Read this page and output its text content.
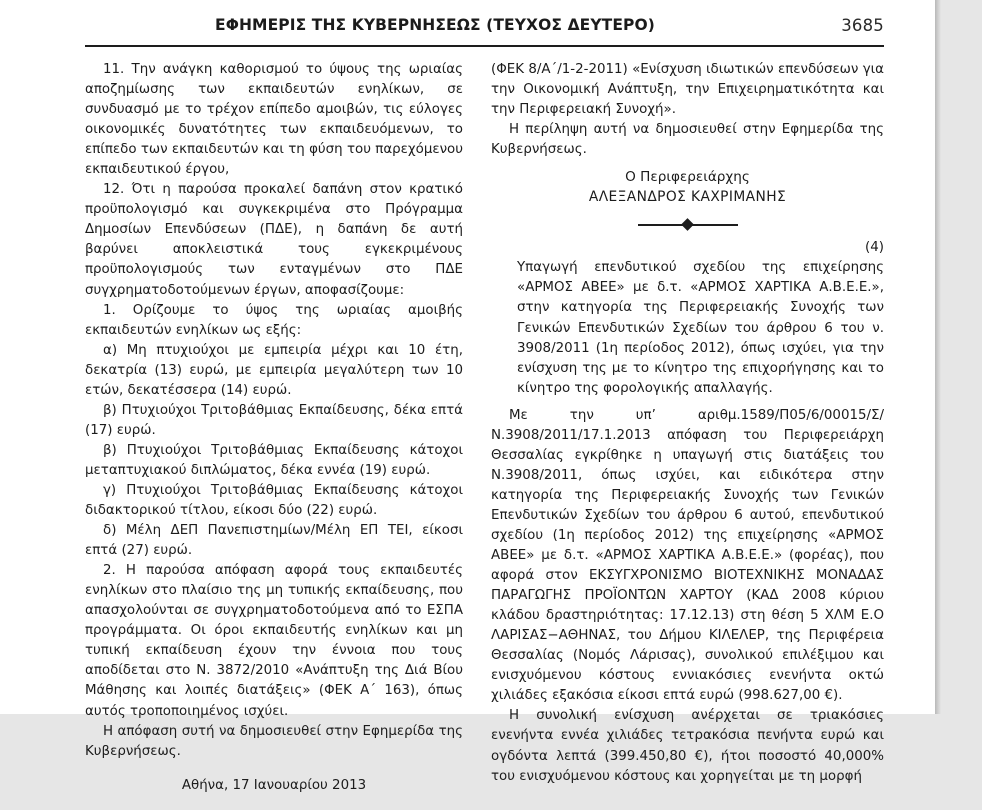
ΕΦΗΜΕΡΙΣ ΤΗΣ ΚΥΒΕΡΝΗΣΕΩΣ (ΤΕΥΧΟΣ ΔΕΥΤΕΡΟ)	3685

11. Την ανάγκη καθορισμού το ύψους της ωριαίας αποζημίωσης των εκπαιδευτών ενηλίκων, σε συνδυασμό με το τρέχον επίπεδο αμοιβών, τις εύλογες οικονομικές δυνατότητες των εκπαιδευόμενων, το επίπεδο των εκπαιδευτών και τη φύση του παρεχόμενου εκπαιδευτικού έργου,

12. Ότι η παρούσα προκαλεί δαπάνη στον κρατικό προϋπολογισμό και συγκεκριμένα στο Πρόγραμμα Δημοσίων Επενδύσεων (ΠΔΕ), η δαπάνη δε αυτή βαρύνει αποκλειστικά τους εγκεκριμένους προϋπολογισμούς των ενταγμένων στο ΠΔΕ συγχρηματοδοτούμενων έργων, αποφασίζουμε:

1. Ορίζουμε το ύψος της ωριαίας αμοιβής εκπαιδευτών ενηλίκων ως εξής:

α) Μη πτυχιούχοι με εμπειρία μέχρι και 10 έτη, δεκατρία (13) ευρώ, με εμπειρία μεγαλύτερη των 10 ετών, δεκατέσσερα (14) ευρώ.

β) Πτυχιούχοι Τριτοβάθμιας Εκπαίδευσης, δέκα επτά (17) ευρώ.

β) Πτυχιούχοι Τριτοβάθμιας Εκπαίδευσης κάτοχοι μεταπτυχιακού διπλώματος, δέκα εννέα (19) ευρώ.

γ) Πτυχιούχοι Τριτοβάθμιας Εκπαίδευσης κάτοχοι διδακτορικού τίτλου, είκοσι δύο (22) ευρώ.

δ) Μέλη ΔΕΠ Πανεπιστημίων/Μέλη ΕΠ ΤΕΙ, είκοσι επτά (27) ευρώ.

2. Η παρούσα απόφαση αφορά τους εκπαιδευτές ενηλίκων στο πλαίσιο της μη τυπικής εκπαίδευσης, που απασχολούνται σε συγχρηματοδοτούμενα από το ΕΣΠΑ προγράμματα. Οι όροι εκπαιδευτής ενηλίκων και μη τυπική εκπαίδευση έχουν την έννοια που τους αποδίδεται στο Ν. 3872/2010 «Ανάπτυξη της Διά Βίου Μάθησης και λοιπές διατάξεις» (ΦΕΚ Α΄ 163), όπως αυτός τροποποιημένος ισχύει.

Η απόφαση συτή να δημοσιευθεί στην Εφημερίδα της Κυβερνήσεως.

Αθήνα, 17 Ιανουαρίου 2013

(ΦΕΚ 8/Α΄/1-2-2011) «Ενίσχυση ιδιωτικών επενδύσεων για την Οικονομική Ανάπτυξη, την Επιχειρηματικότητα και την Περιφερειακή Συνοχή».

Η περίληψη αυτή να δημοσιευθεί στην Εφημερίδα της Κυβερνήσεως.

Ο Περιφερειάρχης

ΑΛΕΞΑΝΔΡΟΣ ΚΑΧΡΙΜΑΝΗΣ

(4)

Υπαγωγή επενδυτικού σχεδίου της επιχείρησης «ΑΡΜΟΣ ΑΒΕΕ» με δ.τ. «ΑΡΜΟΣ ΧΑΡΤΙΚΑ Α.Β.Ε.Ε.», στην κατηγορία της Περιφερειακής Συνοχής των Γενικών Επενδυτικών Σχεδίων του άρθρου 6 του ν. 3908/2011 (1η περίοδος 2012), όπως ισχύει, για την ενίσχυση της με το κίνητρο της επιχορήγησης και το κίνητρο της φορολογικής απαλλαγής.

Με την υπ’ αριθμ.1589/Π05/6/00015/Σ/Ν.3908/2011/17.1.2013 απόφαση του Περιφερειάρχη Θεσσαλίας εγκρίθηκε η υπαγωγή στις διατάξεις του Ν.3908/2011, όπως ισχύει, και ειδικότερα στην κατηγορία της Περιφερειακής Συνοχής των Γενικών Επενδυτικών Σχεδίων του άρθρου 6 αυτού, επενδυτικού σχεδίου (1η περίοδος 2012) της επιχείρησης «ΑΡΜΟΣ ΑΒΕΕ» με δ.τ. «ΑΡΜΟΣ ΧΑΡΤΙΚΑ Α.Β.Ε.Ε.» (φορέας), που αφορά στον ΕΚΣΥΓΧΡΟΝΙΣΜΟ ΒΙΟΤΕΧΝΙΚΗΣ ΜΟΝΑΔΑΣ ΠΑΡΑΓΩΓΗΣ ΠΡΟΪΟΝΤΩΝ ΧΑΡΤΟΥ (ΚΑΔ 2008 κύριου κλάδου δραστηριότητας: 17.12.13) στη θέση 5 ΧΛΜ Ε.Ο ΛΑΡΙΣΑΣ−ΑΘΗΝΑΣ, του Δήμου ΚΙΛΕΛΕΡ, της Περιφέρεια Θεσσαλίας (Νομός Λάρισας), συνολικού επιλέξιμου και ενισχυόμενου κόστους εννιακόσιες ενενήντα οκτώ χιλιάδες εξακόσια είκοσι επτά ευρώ (998.627,00 €).

Η συνολική ενίσχυση ανέρχεται σε τριακόσιες ενενήντα εννέα χιλιάδες τετρακόσια πενήντα ευρώ και ογδόντα λεπτά (399.450,80 €), ήτοι ποσοστό 40,000% του ενισχυόμενου κόστους και χορηγείται με τη μορφή
